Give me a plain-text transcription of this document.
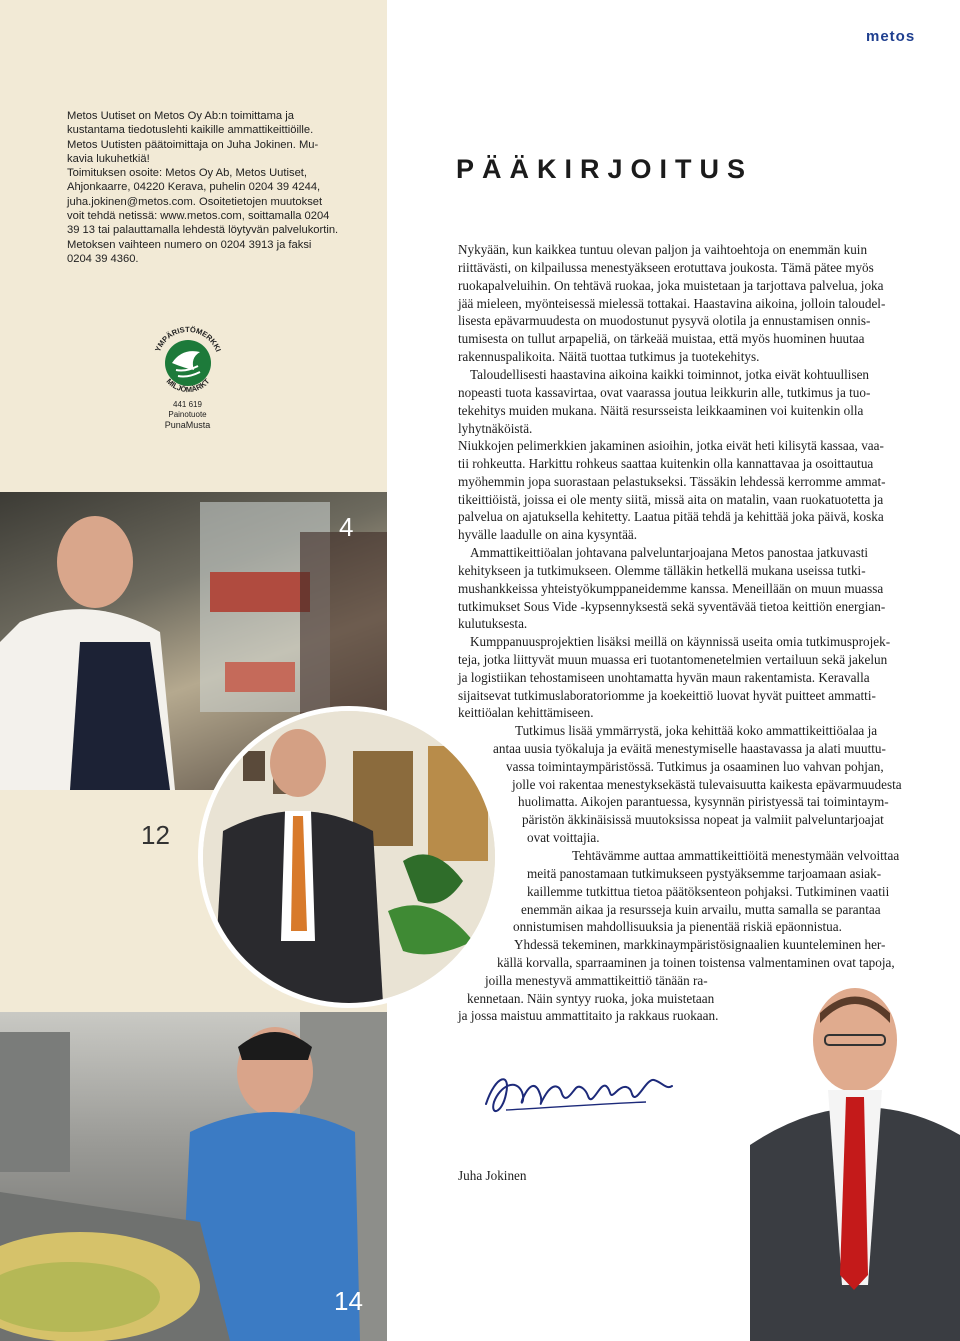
Metos Uutiset on Metos Oy Ab:n toimittama ja
kustantama tiedotuslehti kaikille ammattikeittiöille.
Metos Uutisten päätoimittaja on Juha Jokinen. Mu-
kavia lukuhetkiä!
Toimituksen osoite: Metos Oy Ab, Metos Uutiset,
Ahjonkaarre, 04220 Kerava, puhelin 0204 39 4244,
juha.jokinen@metos.com. Osoitetietojen muutokset
voit tehdä netissä: www.metos.com, soittamalla 0204
39 13 tai palauttamalla lehdestä löytyvän palvelukortin.
Metoksen vaihteen numero on 0204 3913 ja faksi
0204 39 4360.
YMPÄRISTÖMERKKI
MILJÖMÄRKT
441 619
Painotuote
PunaMusta
4
12
14
metos
PÄÄKIRJOITUS
Nykyään, kun kaikkea tuntuu olevan paljon ja vaihtoehtoja on enemmän kuin
riittävästi, on kilpailussa menestyäkseen erotuttava joukosta. Tämä pätee myös
ruokapalveluihin. On tehtävä ruokaa, joka muistetaan ja tarjottava palvelua, joka
jää mieleen, myönteisessä mielessä tottakai. Haastavina aikoina, jolloin taloudel-
lisesta epävarmuudesta on muodostunut pysyvä olotila ja ennustamisen onnis-
tumisesta on tullut arpapeliä, on tärkeää muistaa, että myös huominen huutaa
rakennuspalikoita. Näitä tuottaa tutkimus ja tuotekehitys.
Taloudellisesti haastavina aikoina kaikki toiminnot, jotka eivät kohtuullisen
nopeasti tuota kassavirtaa, ovat vaarassa joutua leikkurin alle, tutkimus ja tuo-
tekehitys muiden mukana. Näitä resursseista leikkaaminen voi kuitenkin olla
lyhytnäköistä.
Niukkojen pelimerkkien jakaminen asioihin, jotka eivät heti kilisytä kassaa, vaa-
tii rohkeutta. Harkittu rohkeus saattaa kuitenkin olla kannattavaa ja osoittautua
myöhemmin jopa suorastaan pelastukseksi. Tässäkin lehdessä kerromme ammat-
tikeittiöistä, joissa ei ole menty siitä, missä aita on matalin, vaan ruokatuotetta ja
palvelua on ajatuksella kehitetty. Laatua pitää tehdä ja kehittää joka päivä, koska
hyvälle laadulle on aina kysyntää.
Ammattikeittiöalan johtavana palveluntarjoajana Metos panostaa jatkuvasti
kehitykseen ja tutkimukseen. Olemme tälläkin hetkellä mukana useissa tutki-
mushankkeissa yhteistyökumppaneidemme kanssa. Meneillään on muun muassa
tutkimukset Sous Vide -kypsennyksestä sekä syventävää tietoa keittiön energian-
kulutuksesta.
Kumppanuusprojektien lisäksi meillä on käynnissä useita omia tutkimusprojek-
teja, jotka liittyvät muun muassa eri tuotantomenetelmien vertailuun sekä jakelun
ja logistiikan tehostamiseen unohtamatta hyvän maun rakentamista. Keravalla
sijaitsevat tutkimuslaboratoriomme ja koekeittiö luovat hyvät puitteet ammatti-
keittiöalan kehittämiseen.
Tutkimus lisää ymmärrystä, joka kehittää koko ammattikeittiöalaa ja
antaa uusia työkaluja ja eväitä menestymiselle haastavassa ja alati muuttu-
vassa toimintaympäristössä. Tutkimus ja osaaminen luo vahvan pohjan,
jolle voi rakentaa menestyksekästä tulevaisuutta kaikesta epävarmuudesta
huolimatta. Aikojen parantuessa, kysynnän piristyessä tai toimintaym-
päristön äkkinäisissä muutoksissa nopeat ja valmiit palveluntarjoajat
ovat voittajia.
Tehtävämme auttaa ammattikeittiöitä menestymään velvoittaa
meitä panostamaan tutkimukseen pystyäksemme tarjoamaan asiak-
kaillemme tutkittua tietoa päätöksenteon pohjaksi. Tutkiminen vaatii
enemmän aikaa ja resursseja kuin arvailu, mutta samalla se parantaa
onnistumisen mahdollisuuksia ja pienentää riskiä epäonnistua.
Yhdessä tekeminen, markkinaympäristösignaalien kuunteleminen her-
källä korvalla, sparraaminen ja toinen toistensa valmentaminen ovat tapoja,
joilla menestyvä ammattikeittiö tänään ra-
kennetaan. Näin syntyy ruoka, joka muistetaan
ja jossa maistuu ammattitaito ja rakkaus ruokaan.
Juha Jokinen
